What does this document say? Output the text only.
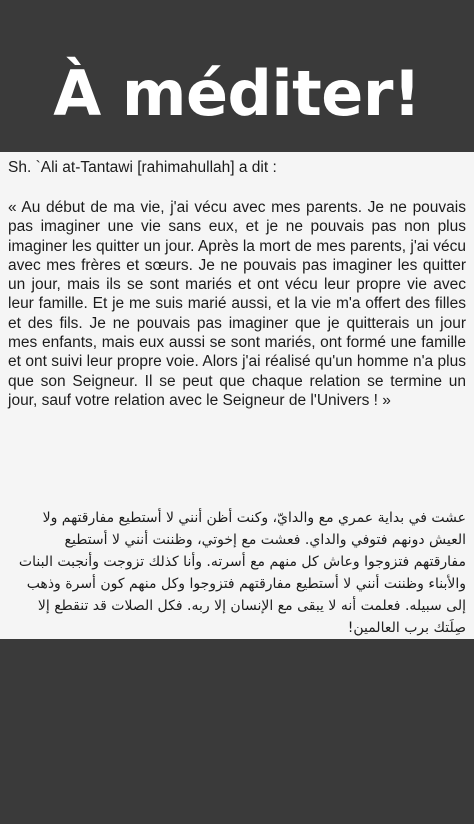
À méditer!

Sh. `Ali at-Tantawi [rahimahullah] a dit :

« Au début de ma vie, j'ai vécu avec mes parents. Je ne pouvais pas imaginer une vie sans eux, et je ne pouvais pas non plus imaginer les quitter un jour. Après la mort de mes parents, j'ai vécu avec mes frères et sœurs. Je ne pouvais pas imaginer les quitter un jour, mais ils se sont mariés et ont vécu leur propre vie avec leur famille. Et je me suis marié aussi, et la vie m'a offert des filles et des fils. Je ne pouvais pas imaginer que je quitterais un jour mes enfants, mais eux aussi se sont mariés, ont formé une famille et ont suivi leur propre voie. Alors j'ai réalisé qu'un homme n'a plus que son Seigneur. Il se peut que chaque relation se termine un jour, sauf votre relation avec le Seigneur de l'Univers ! »

عشت في بداية عمري مع والدايّ، وكنت أظن أنني لا أستطيع مفارقتهم ولا العيش دونهم فتوفي والداي. فعشت مع إخوتي، وظننت أنني لا أستطيع مفارقتهم فتزوجوا وعاش كل منهم مع أسرته. وأنا كذلك تزوجت وأنجبت البنات والأبناء وظننت أنني لا أستطيع مفارقتهم فتزوجوا وكل منهم كون أسرة وذهب إلى سبيله. فعلمت أنه لا يبقى مع الإنسان إلا ربه. فكل الصلات قد تنقطع إلا صِلَتك برب العالمين!
